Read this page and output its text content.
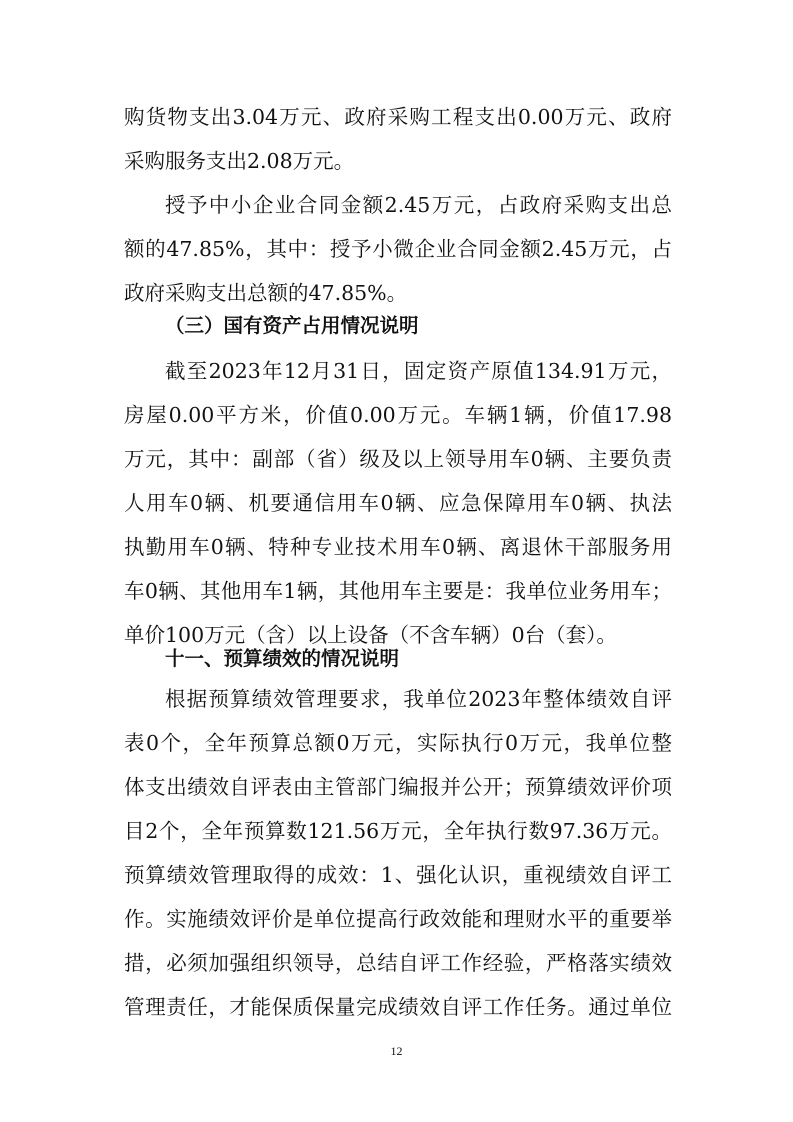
购货物支出3.04万元、政府采购工程支出0.00万元、政府
采购服务支出2.08万元。
授予中小企业合同金额2.45万元，占政府采购支出总
额的47.85%，其中：授予小微企业合同金额2.45万元，占
政府采购支出总额的47.85%。
（三）国有资产占用情况说明
截至2023年12月31日，固定资产原值134.91万元，
房屋0.00平方米，价值0.00万元。车辆1辆，价值17.98
万元，其中：副部（省）级及以上领导用车0辆、主要负责
人用车0辆、机要通信用车0辆、应急保障用车0辆、执法
执勤用车0辆、特种专业技术用车0辆、离退休干部服务用
车0辆、其他用车1辆，其他用车主要是：我单位业务用车；
单价100万元（含）以上设备（不含车辆）0台（套）。
十一、预算绩效的情况说明
根据预算绩效管理要求，我单位2023年整体绩效自评
表0个，全年预算总额0万元，实际执行0万元，我单位整
体支出绩效自评表由主管部门编报并公开；预算绩效评价项
目2个，全年预算数121.56万元，全年执行数97.36万元。
预算绩效管理取得的成效：1、强化认识，重视绩效自评工
作。实施绩效评价是单位提高行政效能和理财水平的重要举
措，必须加强组织领导，总结自评工作经验，严格落实绩效
管理责任，才能保质保量完成绩效自评工作任务。通过单位
12
